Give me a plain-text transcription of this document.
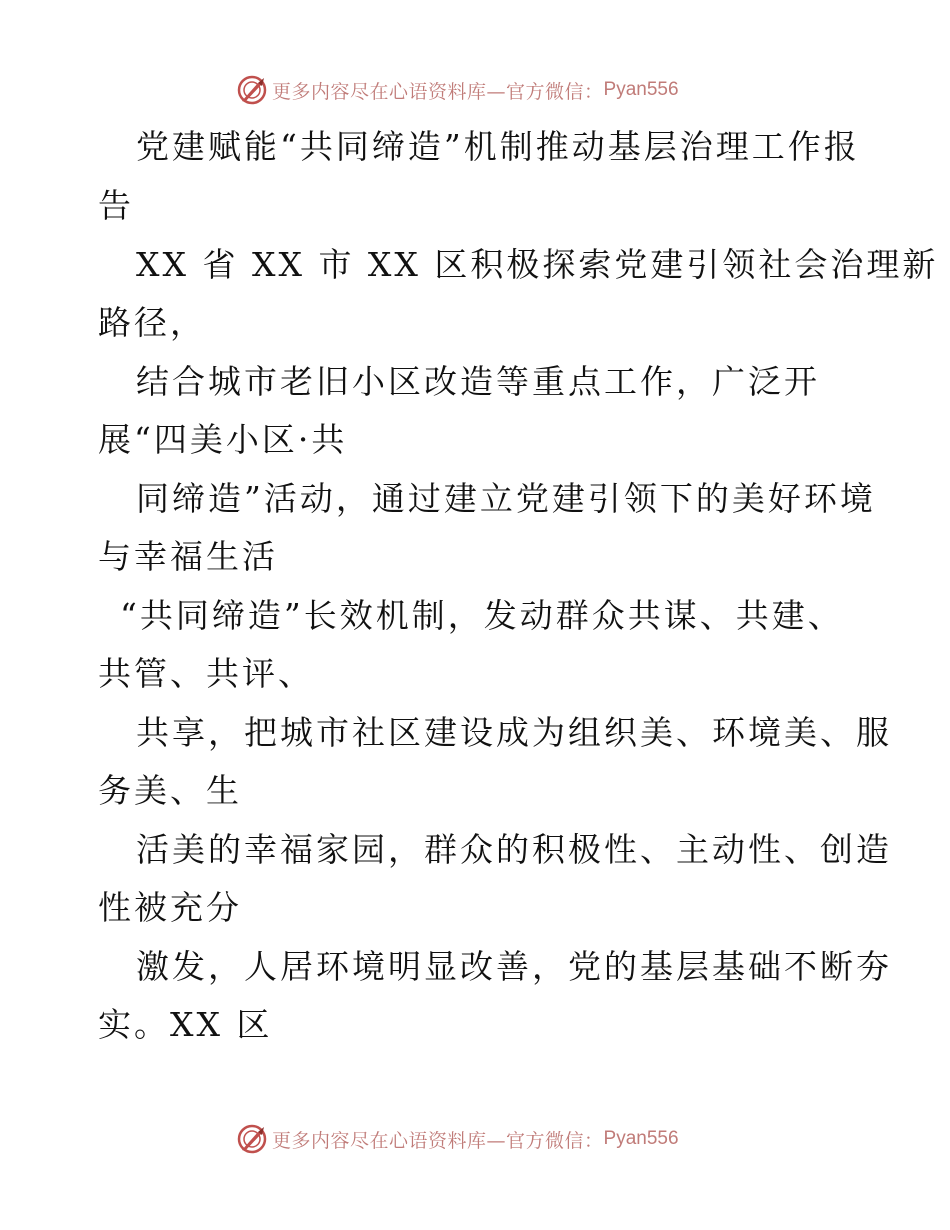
更多内容尽在心语资料库—官方微信： Pyan556
党建赋能“共同缔造”机制推动基层治理工作报
告
XX 省 XX 市 XX 区积极探索党建引领社会治理新
路径，
结合城市老旧小区改造等重点工作，广泛开
展“四美小区·共
同缔造”活动，通过建立党建引领下的美好环境
与幸福生活
“共同缔造”长效机制，发动群众共谋、共建、
共管、共评、
共享，把城市社区建设成为组织美、环境美、服
务美、生
活美的幸福家园，群众的积极性、主动性、创造
性被充分
激发，人居环境明显改善，党的基层基础不断夯
实。XX 区
更多内容尽在心语资料库—官方微信： Pyan556
